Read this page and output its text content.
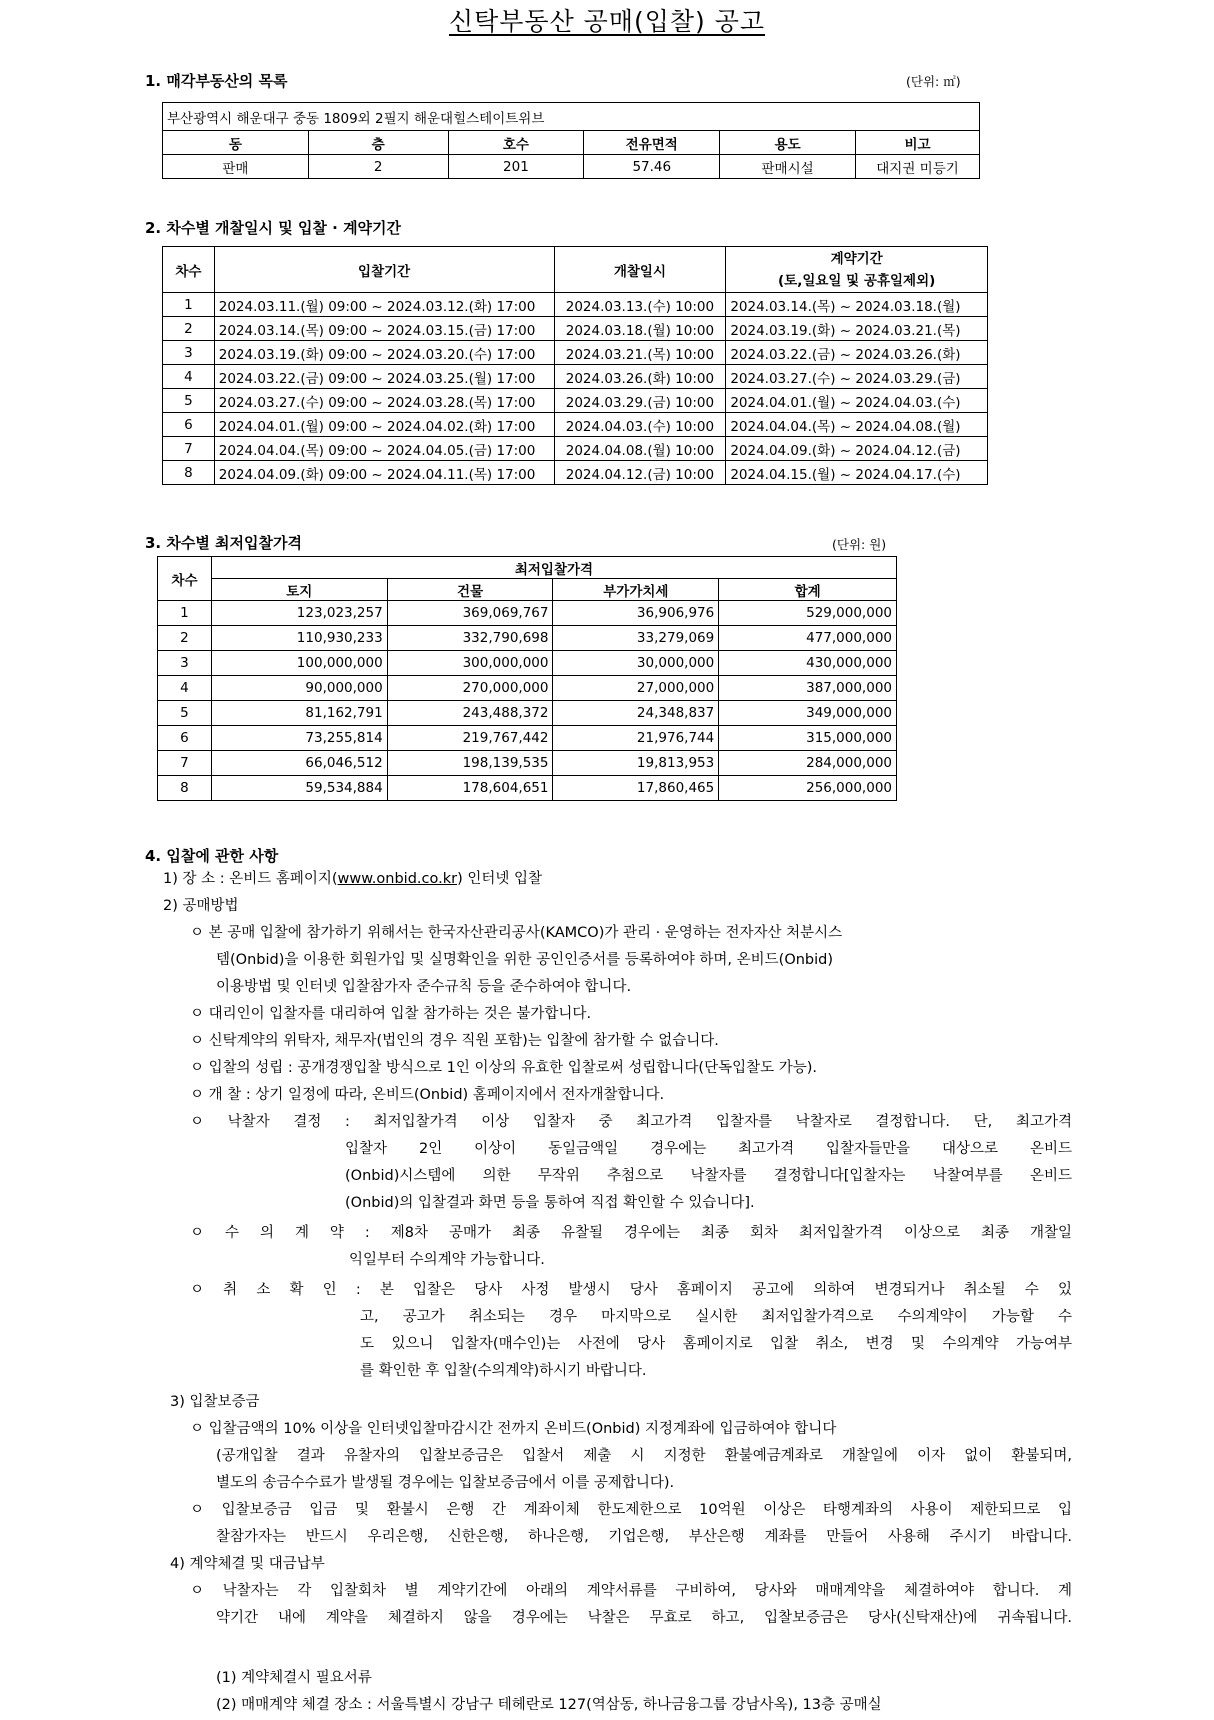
신탁부동산 공매(입찰) 공고
1. 매각부동산의 목록	(단위: ㎡)
부산광역시 해운대구 중동 1809외 2필지 해운대힐스테이트위브					
동	층	호수	전유면적	용도	비고
판매	2	201	57.46	판매시설	대지권 미등기
2. 차수별 개찰일시 및 입찰 · 계약기간
차수	입찰기간	개찰일시	계약기간
(토,일요일 및 공휴일제외)

1	2024.03.11.(월) 09:00 ~ 2024.03.12.(화) 17:00	2024.03.13.(수) 10:00	2024.03.14.(목) ~ 2024.03.18.(월)
2	2024.03.14.(목) 09:00 ~ 2024.03.15.(금) 17:00	2024.03.18.(월) 10:00	2024.03.19.(화) ~ 2024.03.21.(목)
3	2024.03.19.(화) 09:00 ~ 2024.03.20.(수) 17:00	2024.03.21.(목) 10:00	2024.03.22.(금) ~ 2024.03.26.(화)
4	2024.03.22.(금) 09:00 ~ 2024.03.25.(월) 17:00	2024.03.26.(화) 10:00	2024.03.27.(수) ~ 2024.03.29.(금)
5	2024.03.27.(수) 09:00 ~ 2024.03.28.(목) 17:00	2024.03.29.(금) 10:00	2024.04.01.(월) ~ 2024.04.03.(수)
6	2024.04.01.(월) 09:00 ~ 2024.04.02.(화) 17:00	2024.04.03.(수) 10:00	2024.04.04.(목) ~ 2024.04.08.(월)
7	2024.04.04.(목) 09:00 ~ 2024.04.05.(금) 17:00	2024.04.08.(월) 10:00	2024.04.09.(화) ~ 2024.04.12.(금)
8	2024.04.09.(화) 09:00 ~ 2024.04.11.(목) 17:00	2024.04.12.(금) 10:00	2024.04.15.(월) ~ 2024.04.17.(수)
3. 차수별 최저입찰가격	(단위: 원)
차수	최저입찰가격			
	토지	건물	부가가치세	합계
1	123,023,257	369,069,767	36,906,976	529,000,000
2	110,930,233	332,790,698	33,279,069	477,000,000
3	100,000,000	300,000,000	30,000,000	430,000,000
4	90,000,000	270,000,000	27,000,000	387,000,000
5	81,162,791	243,488,372	24,348,837	349,000,000
6	73,255,814	219,767,442	21,976,744	315,000,000
7	66,046,512	198,139,535	19,813,953	284,000,000
8	59,534,884	178,604,651	17,860,465	256,000,000
4. 입찰에 관한 사항
1) 장 소 : 온비드 홈페이지(www.onbid.co.kr) 인터넷 입찰
2) 공매방법
ㅇ 본 공매 입찰에 참가하기 위해서는 한국자산관리공사(KAMCO)가 관리 · 운영하는 전자자산 처분시스
템(Onbid)을 이용한 회원가입 및 실명확인을 위한 공인인증서를 등록하여야 하며, 온비드(Onbid)
이용방법 및 인터넷 입찰참가자 준수규칙 등을 준수하여야 합니다.
ㅇ 대리인이 입찰자를 대리하여 입찰 참가하는 것은 불가합니다.
ㅇ 신탁계약의 위탁자, 채무자(법인의 경우 직원 포함)는 입찰에 참가할 수 없습니다.
ㅇ 입찰의 성립 : 공개경쟁입찰 방식으로 1인 이상의 유효한 입찰로써 성립합니다(단독입찰도 가능).
ㅇ 개 찰 : 상기 일정에 따라, 온비드(Onbid) 홈페이지에서 전자개찰합니다.
ㅇ 낙찰자 결정 : 최저입찰가격 이상 입찰자 중 최고가격 입찰자를 낙찰자로 결정합니다. 단, 최고가격
입찰자 2인 이상이 동일금액일 경우에는 최고가격 입찰자들만을 대상으로 온비드
(Onbid)시스템에 의한 무작위 추첨으로 낙찰자를 결정합니다[입찰자는 낙찰여부를 온비드
(Onbid)의 입찰결과 화면 등을 통하여 직접 확인할 수 있습니다].
ㅇ 수 의 계 약 : 제8차 공매가 최종 유찰될 경우에는 최종 회차 최저입찰가격 이상으로 최종 개찰일
익일부터 수의계약 가능합니다.
ㅇ 취 소 확 인 : 본 입찰은 당사 사정 발생시 당사 홈페이지 공고에 의하여 변경되거나 취소될 수 있
고, 공고가 취소되는 경우 마지막으로 실시한 최저입찰가격으로 수의계약이 가능할 수
도 있으니 입찰자(매수인)는 사전에 당사 홈페이지로 입찰 취소, 변경 및 수의계약 가능여부
를 확인한 후 입찰(수의계약)하시기 바랍니다.
3) 입찰보증금
ㅇ 입찰금액의 10% 이상을 인터넷입찰마감시간 전까지 온비드(Onbid) 지정계좌에 입금하여야 합니다
(공개입찰 결과 유찰자의 입찰보증금은 입찰서 제출 시 지정한 환불예금계좌로 개찰일에 이자 없이 환불되며,
별도의 송금수수료가 발생될 경우에는 입찰보증금에서 이를 공제합니다).
ㅇ 입찰보증금 입금 및 환불시 은행 간 계좌이체 한도제한으로 10억원 이상은 타행계좌의 사용이 제한되므로 입
찰참가자는 반드시 우리은행, 신한은행, 하나은행, 기업은행, 부산은행 계좌를 만들어 사용해 주시기 바랍니다.
4) 계약체결 및 대금납부
ㅇ 낙찰자는 각 입찰회차 별 계약기간에 아래의 계약서류를 구비하여, 당사와 매매계약을 체결하여야 합니다. 계
약기간 내에 계약을 체결하지 않을 경우에는 낙찰은 무효로 하고, 입찰보증금은 당사(신탁재산)에 귀속됩니다.
(1) 계약체결시 필요서류
(2) 매매계약 체결 장소 : 서울특별시 강남구 테헤란로 127(역삼동, 하나금융그룹 강남사옥), 13층 공매실
